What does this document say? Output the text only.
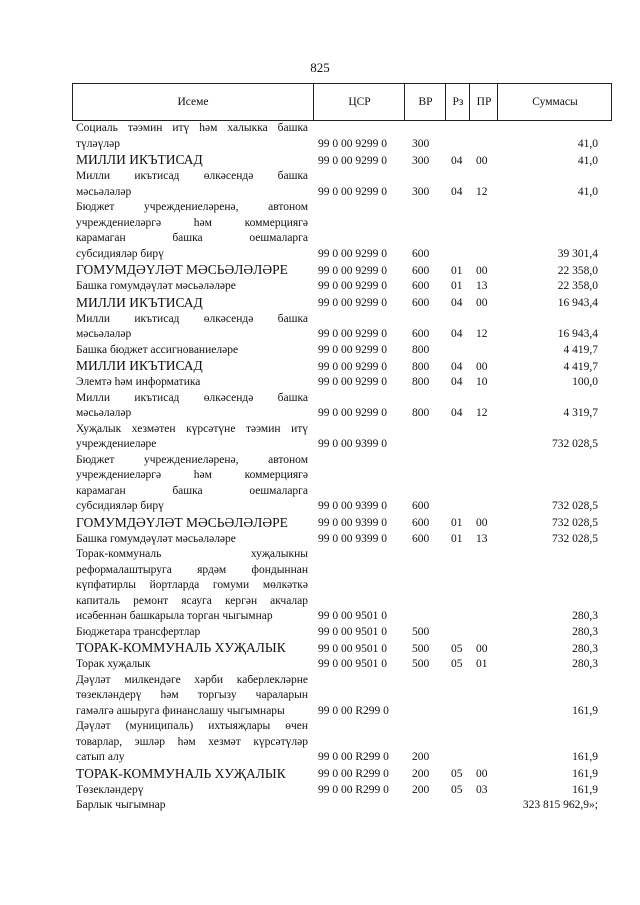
825
Исеме	ЦСР	ВР	Рз	ПР	Суммасы
Социаль тәэмин итү һәм халыкка башка
түләүләр	99 0 00 9299 0 300	41,0
МИЛЛИ ИКЪТИСАД	99 0 00 9299 0 300 04 00	41,0
Милли икътисад өлкәсендә башка
мәсьәләләр	99 0 00 9299 0 300 04 12	41,0
Бюджет учреждениеләренә, автоном
учреждениеләргә һәм коммерциягә
карамаган башка оешмаларга
субсидияләр бирү	99 0 00 9299 0 600	39 301,4
ГОМУМДӘҮЛӘТ МӘСЬӘЛӘЛӘРЕ	99 0 00 9299 0 600 01 00	22 358,0
Башка гомумдәүләт мәсьәләләре	99 0 00 9299 0 600 01 13	22 358,0
МИЛЛИ ИКЪТИСАД	99 0 00 9299 0 600 04 00	16 943,4
Милли икътисад өлкәсендә башка
мәсьәләләр	99 0 00 9299 0 600 04 12	16 943,4
Башка бюджет ассигнованиеләре	99 0 00 9299 0 800	4 419,7
МИЛЛИ ИКЪТИСАД	99 0 00 9299 0 800 04 00	4 419,7
Элемтә һәм информатика	99 0 00 9299 0 800 04 10	100,0
Милли икътисад өлкәсендә башка
мәсьәләләр	99 0 00 9299 0 800 04 12	4 319,7
Хуҗалык хезмәтен күрсәтүне тәэмин итү
учреждениеләре	99 0 00 9399 0	732 028,5
Бюджет учреждениеләренә, автоном
учреждениеләргә һәм коммерциягә
карамаган башка оешмаларга
субсидияләр бирү	99 0 00 9399 0 600	732 028,5
ГОМУМДӘҮЛӘТ МӘСЬӘЛӘЛӘРЕ	99 0 00 9399 0 600 01 00	732 028,5
Башка гомумдәүләт мәсьәләләре	99 0 00 9399 0 600 01 13	732 028,5
Торак-коммуналь хуҗалыкны
реформалаштыруга ярдәм фондыннан
күпфатирлы йортларда гомуми мөлкәткә
капиталь ремонт ясауга кергән акчалар
исәбеннән башкарыла торган чыгымнар	99 0 00 9501 0	280,3
Бюджетара трансфертлар	99 0 00 9501 0 500	280,3
ТОРАК-КОММУНАЛЬ ХУҖАЛЫК	99 0 00 9501 0 500 05 00	280,3
Торак хуҗалык	99 0 00 9501 0 500 05 01	280,3
Дәүләт милкендәге хәрби каберлекләрне
төзекләндерү һәм торгызу чараларын
гамәлгә ашыруга финанслашу чыгымнары	99 0 00 R299 0	161,9
Дәүләт (муниципаль) ихтыяҗлары өчен
товарлар, эшләр һәм хезмәт күрсәтүләр
сатып алу	99 0 00 R299 0 200	161,9
ТОРАК-КОММУНАЛЬ ХУҖАЛЫК	99 0 00 R299 0 200 05 00	161,9
Төзекләндерү	99 0 00 R299 0 200 05 03	161,9
Барлык чыгымнар	323 815 962,9»;
